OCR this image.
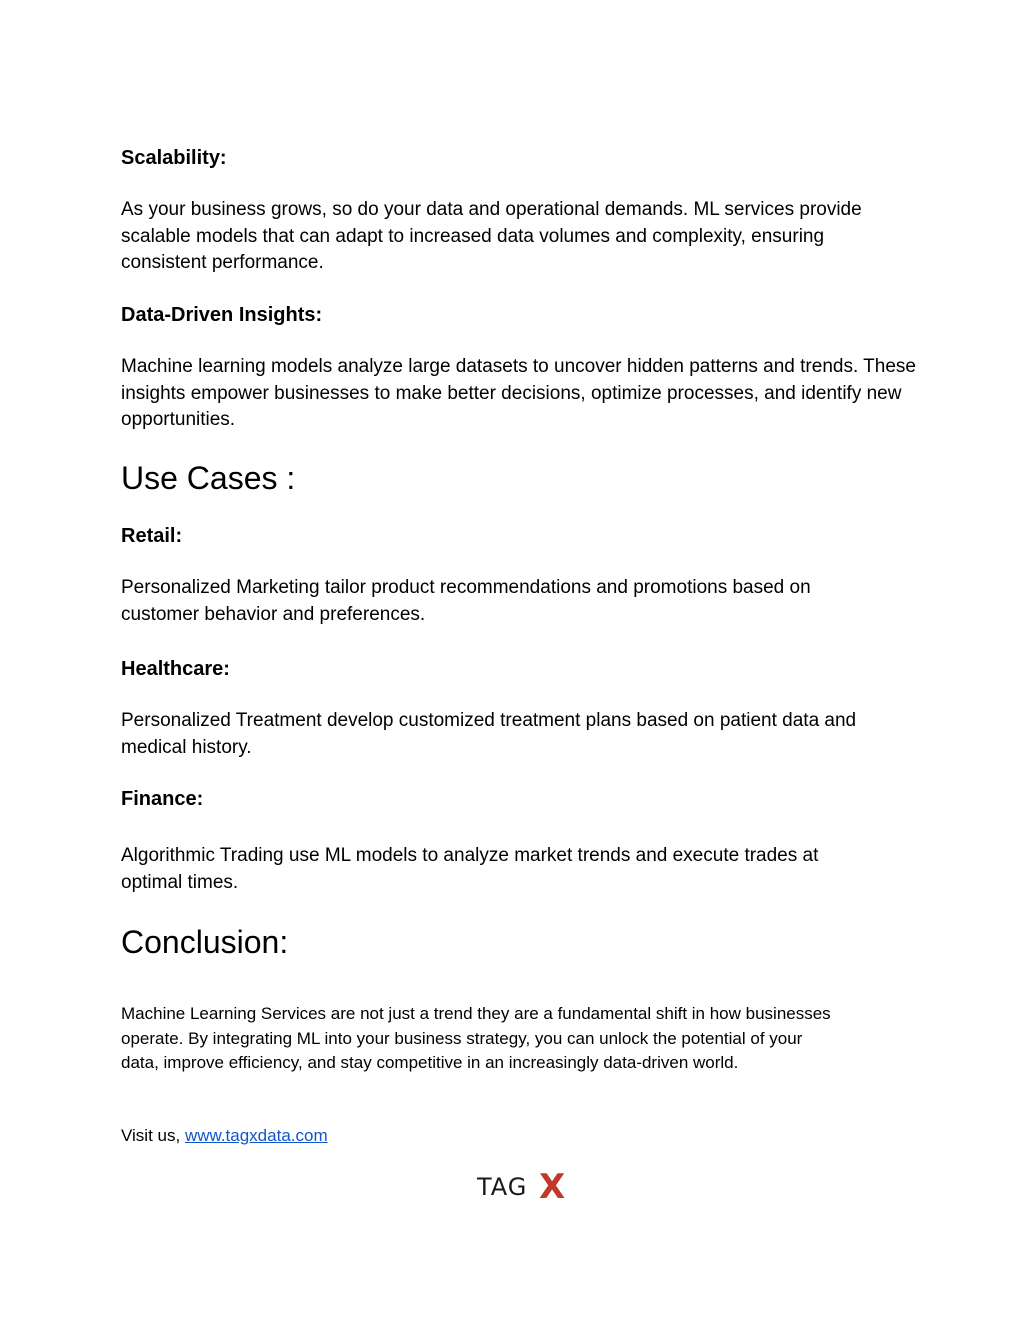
Scalability:

As your business grows, so do your data and operational demands. ML services provide scalable models that can adapt to increased data volumes and complexity, ensuring consistent performance.

Data-Driven Insights:

Machine learning models analyze large datasets to uncover hidden patterns and trends. These insights empower businesses to make better decisions, optimize processes, and identify new opportunities.

Use Cases :
Retail:

Personalized Marketing tailor product recommendations and promotions based on customer behavior and preferences.

Healthcare:

Personalized Treatment develop customized treatment plans based on patient data and medical history.

Finance:

Algorithmic Trading use ML models to analyze market trends and execute trades at optimal times.

Conclusion:

Machine Learning Services are not just a trend they are a fundamental shift in how businesses operate. By integrating ML into your business strategy, you can unlock the potential of your data, improve efficiency, and stay competitive in an increasingly data-driven world.

Visit us, www.tagxdata.com

TAG X
